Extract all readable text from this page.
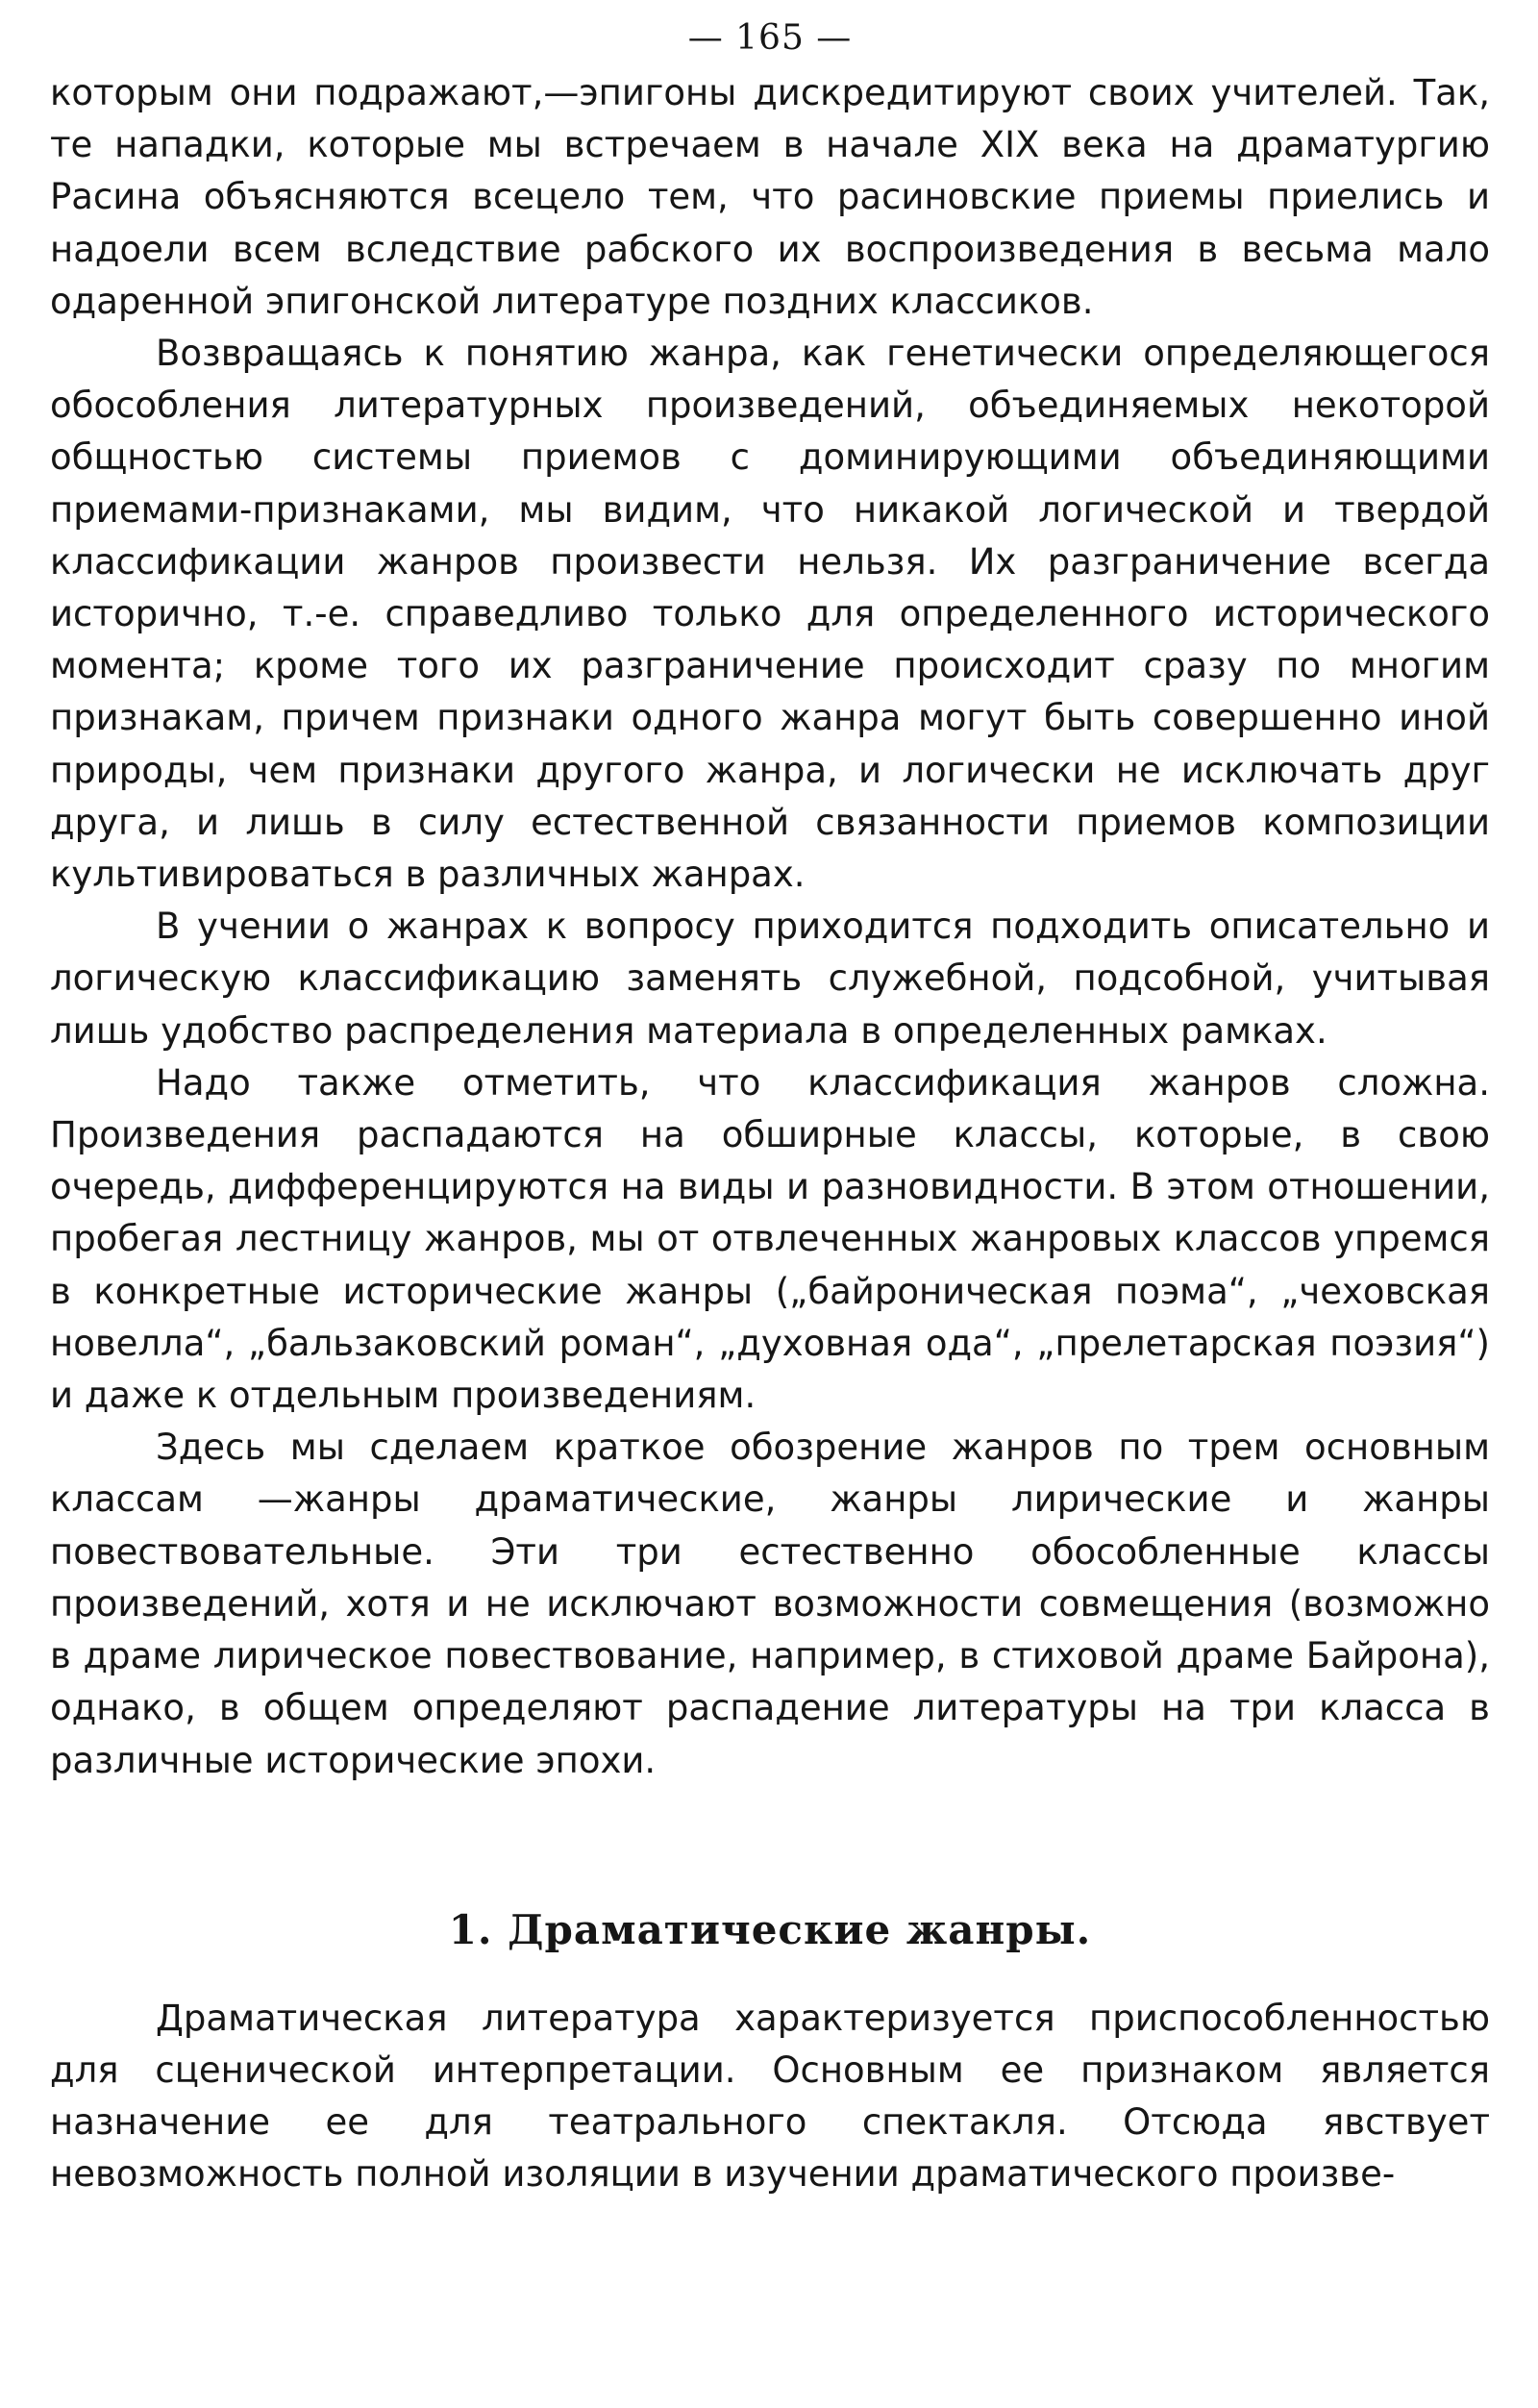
— 165 —

которым они подражают,—эпигоны дискредитируют своих учителей. Так, те нападки, которые мы встречаем в начале XIX века на драматургию Расина объясняются всецело тем, что расиновские приемы приелись и надоели всем вследствие рабского их воспроизведения в весьма мало одаренной эпигонской литературе поздних классиков.

Возвращаясь к понятию жанра, как генетически определяющегося обособления литературных произведений, объединяемых некоторой общностью системы приемов с доминирующими объединяющими приемами-признаками, мы видим, что никакой логической и твердой классификации жанров произвести нельзя. Их разграничение всегда исторично, т.-е. справедливо только для определенного исторического момента; кроме того их разграничение происходит сразу по многим признакам, причем признаки одного жанра могут быть совершенно иной природы, чем признаки другого жанра, и логически не исключать друг друга, и лишь в силу естественной связанности приемов композиции культивироваться в различных жанрах.

В учении о жанрах к вопросу приходится подходить описательно и логическую классификацию заменять служебной, подсобной, учитывая лишь удобство распределения материала в определенных рамках.

Надо также отметить, что классификация жанров сложна. Произведения распадаются на обширные классы, которые, в свою очередь, дифференцируются на виды и разновидности. В этом отношении, пробегая лестницу жанров, мы от отвлеченных жанровых классов упремся в конкретные исторические жанры („байроническая поэма“, „чеховская новелла“, „бальзаковский роман“, „духовная ода“, „прелетарская поэзия“) и даже к отдельным произведениям.

Здесь мы сделаем краткое обозрение жанров по трем основным классам —жанры драматические, жанры лирические и жанры повествовательные. Эти три естественно обособленные классы произведений, хотя и не исключают возможности совмещения (возможно в драме лирическое повествование, например, в стиховой драме Байрона), однако, в общем определяют распадение литературы на три класса в различные исторические эпохи.

1. Драматические жанры.

Драматическая литература характеризуется приспособленностью для сценической интерпретации. Основным ее признаком является назначение ее для театрального спектакля. Отсюда явствует невозможность полной изоляции в изучении драматического произве-
